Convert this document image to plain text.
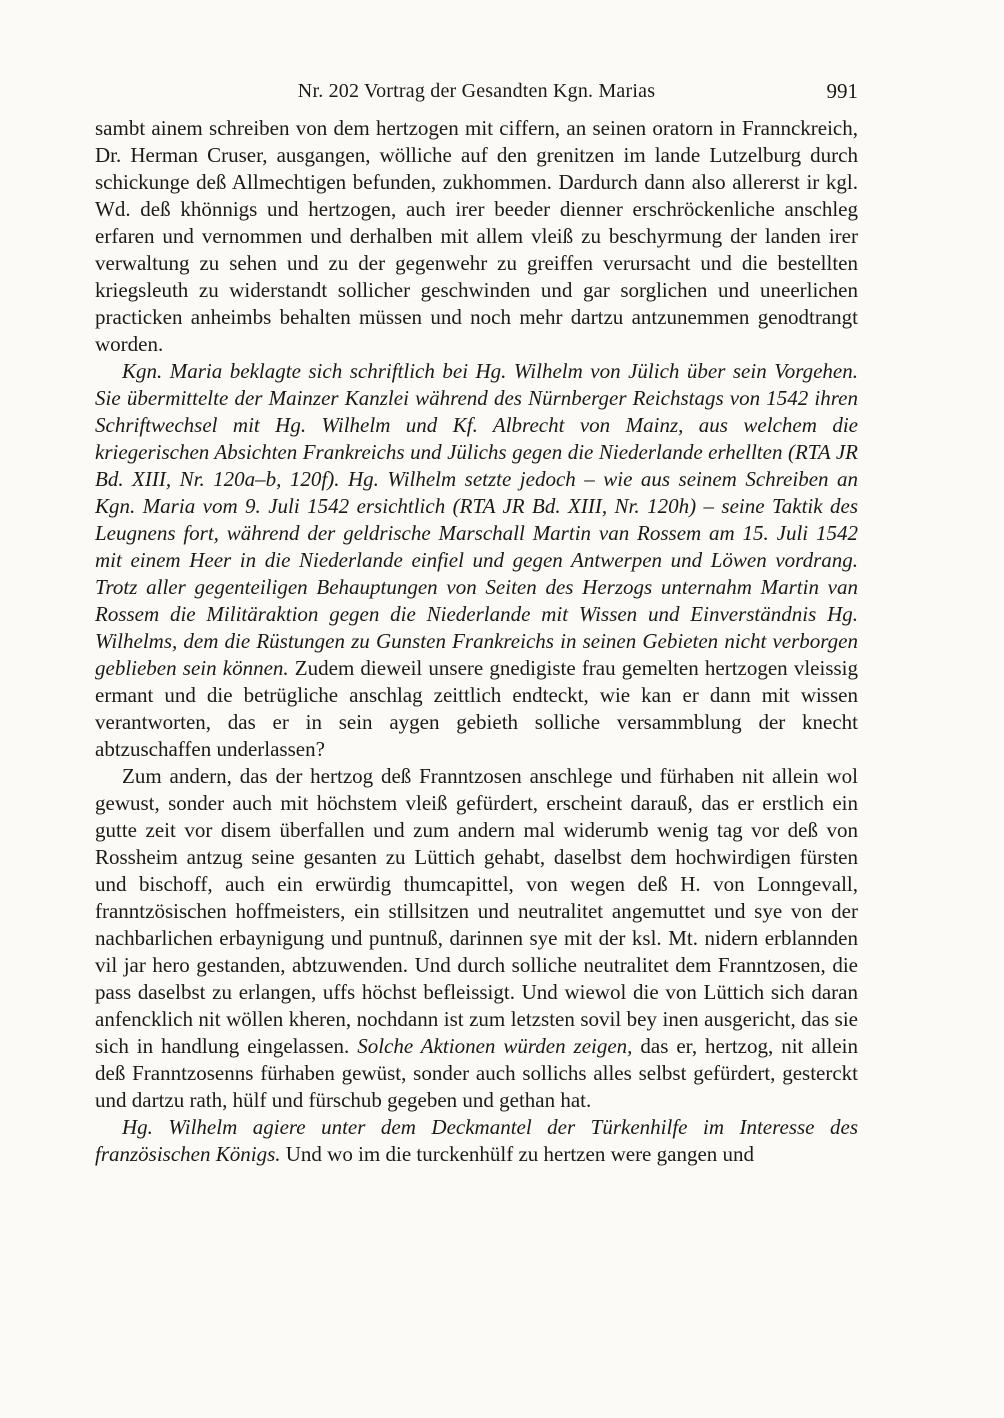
Nr. 202 Vortrag der Gesandten Kgn. Marias	991

sambt ainem schreiben von dem hertzogen mit ciffern, an seinen oratorn in Frannckreich, Dr. Herman Cruser, ausgangen, wölliche auf den grenitzen im lande Lutzelburg durch schickunge deß Allmechtigen befunden, zukhommen. Dardurch dann also allererst ir kgl. Wd. deß khönnigs und hertzogen, auch irer beeder dienner erschröckenliche anschleg erfaren und vernommen und derhalben mit allem vleiß zu beschyrmung der landen irer verwaltung zu sehen und zu der gegenwehr zu greiffen verursacht und die bestellten kriegsleuth zu widerstandt sollicher geschwinden und gar sorglichen und uneerlichen practicken anheimbs behalten müssen und noch mehr dartzu antzunemmen genodtrangt worden.

Kgn. Maria beklagte sich schriftlich bei Hg. Wilhelm von Jülich über sein Vorgehen. Sie übermittelte der Mainzer Kanzlei während des Nürnberger Reichstags von 1542 ihren Schriftwechsel mit Hg. Wilhelm und Kf. Albrecht von Mainz, aus welchem die kriegerischen Absichten Frankreichs und Jülichs gegen die Niederlande erhellten (RTA JR Bd. XIII, Nr. 120a–b, 120f). Hg. Wilhelm setzte jedoch – wie aus seinem Schreiben an Kgn. Maria vom 9. Juli 1542 ersichtlich (RTA JR Bd. XIII, Nr. 120h) – seine Taktik des Leugnens fort, während der geldrische Marschall Martin van Rossem am 15. Juli 1542 mit einem Heer in die Niederlande einfiel und gegen Antwerpen und Löwen vordrang. Trotz aller gegenteiligen Behauptungen von Seiten des Herzogs unternahm Martin van Rossem die Militäraktion gegen die Niederlande mit Wissen und Einverständnis Hg. Wilhelms, dem die Rüstungen zu Gunsten Frankreichs in seinen Gebieten nicht verborgen geblieben sein können. Zudem dieweil unsere gnedigiste frau gemelten hertzogen vleissig ermant und die betrügliche anschlag zeittlich endteckt, wie kan er dann mit wissen verantworten, das er in sein aygen gebieth solliche versammblung der knecht abtzuschaffen underlassen?

Zum andern, das der hertzog deß Franntzosen anschlege und fürhaben nit allein wol gewust, sonder auch mit höchstem vleiß gefürdert, erscheint darauß, das er erstlich ein gutte zeit vor disem überfallen und zum andern mal widerumb wenig tag vor deß von Rossheim antzug seine gesanten zu Lüttich gehabt, daselbst dem hochwirdigen fürsten und bischoff, auch ein erwürdig thumcapittel, von wegen deß H. von Lonngevall, franntzösischen hoffmeisters, ein stillsitzen und neutralitet angemuttet und sye von der nachbarlichen erbaynigung und puntnuß, darinnen sye mit der ksl. Mt. nidern erblannden vil jar hero gestanden, abtzuwenden. Und durch solliche neutralitet dem Franntzosen, die pass daselbst zu erlangen, uffs höchst befleissigt. Und wiewol die von Lüttich sich daran anfencklich nit wöllen kheren, nochdann ist zum letzsten sovil bey inen ausgericht, das sie sich in handlung eingelassen. Solche Aktionen würden zeigen, das er, hertzog, nit allein deß Franntzosenns fürhaben gewüst, sonder auch sollichs alles selbst gefürdert, gesterckt und dartzu rath, hülf und fürschub gegeben und gethan hat.

Hg. Wilhelm agiere unter dem Deckmantel der Türkenhilfe im Interesse des französischen Königs. Und wo im die turckenhülf zu hertzen were gangen und
